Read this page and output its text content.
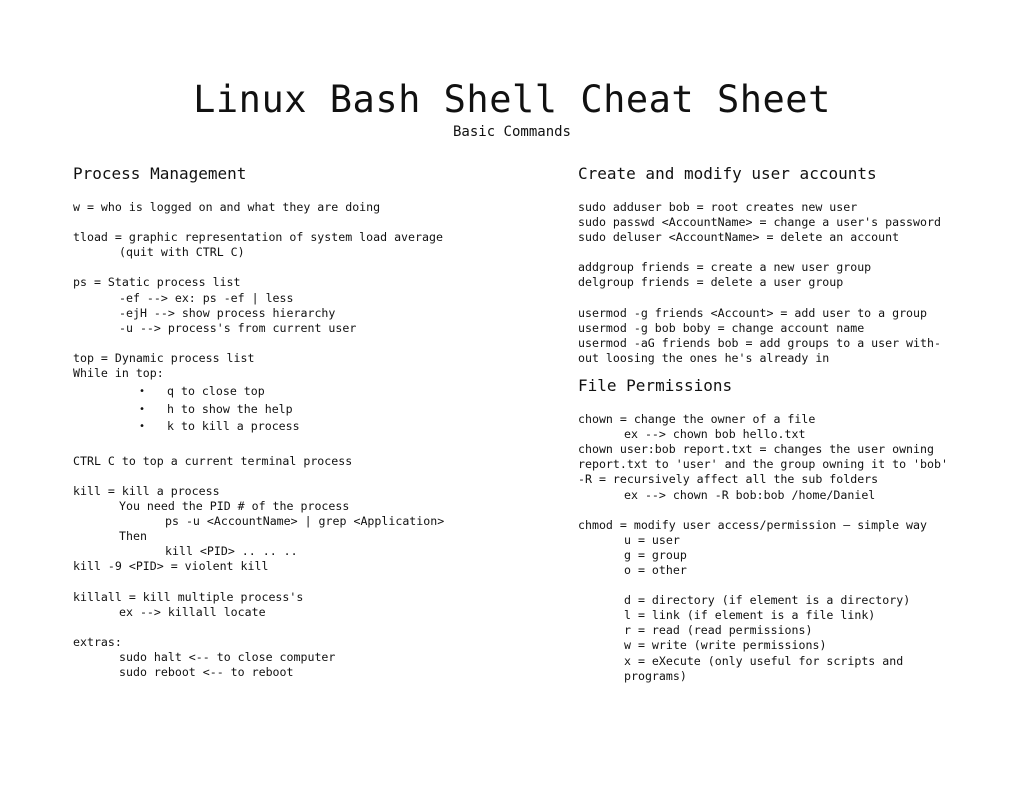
Linux Bash Shell Cheat Sheet
Basic Commands
Process Management
w = who is logged on and what they are doing
tload = graphic representation of system load average
(quit with CTRL C)
ps = Static process list
-ef --> ex: ps -ef | less
-ejH --> show process hierarchy
-u --> process's from current user
top = Dynamic process list
While in top:
• q to close top
• h to show the help
• k to kill a process
CTRL C to top a current terminal process
kill = kill a process
You need the PID # of the process
ps -u <AccountName> | grep <Application>
Then
kill <PID> .. .. ..
kill -9 <PID> = violent kill
killall = kill multiple process's
ex --> killall locate
extras:
sudo halt <-- to close computer
sudo reboot <-- to reboot
Create and modify user accounts
sudo adduser bob = root creates new user
sudo passwd <AccountName> = change a user's password
sudo deluser <AccountName> = delete an account
addgroup friends = create a new user group
delgroup friends = delete a user group
usermod -g friends <Account> = add user to a group
usermod -g bob boby = change account name
usermod -aG friends bob = add groups to a user with-
out loosing the ones he's already in
File Permissions
chown = change the owner of a file
ex --> chown bob hello.txt
chown user:bob report.txt = changes the user owning
report.txt to 'user' and the group owning it to 'bob'
-R = recursively affect all the sub folders
ex --> chown -R bob:bob /home/Daniel
chmod = modify user access/permission – simple way
u = user
g = group
o = other
d = directory (if element is a directory)
l = link (if element is a file link)
r = read (read permissions)
w = write (write permissions)
x = eXecute (only useful for scripts and
programs)
